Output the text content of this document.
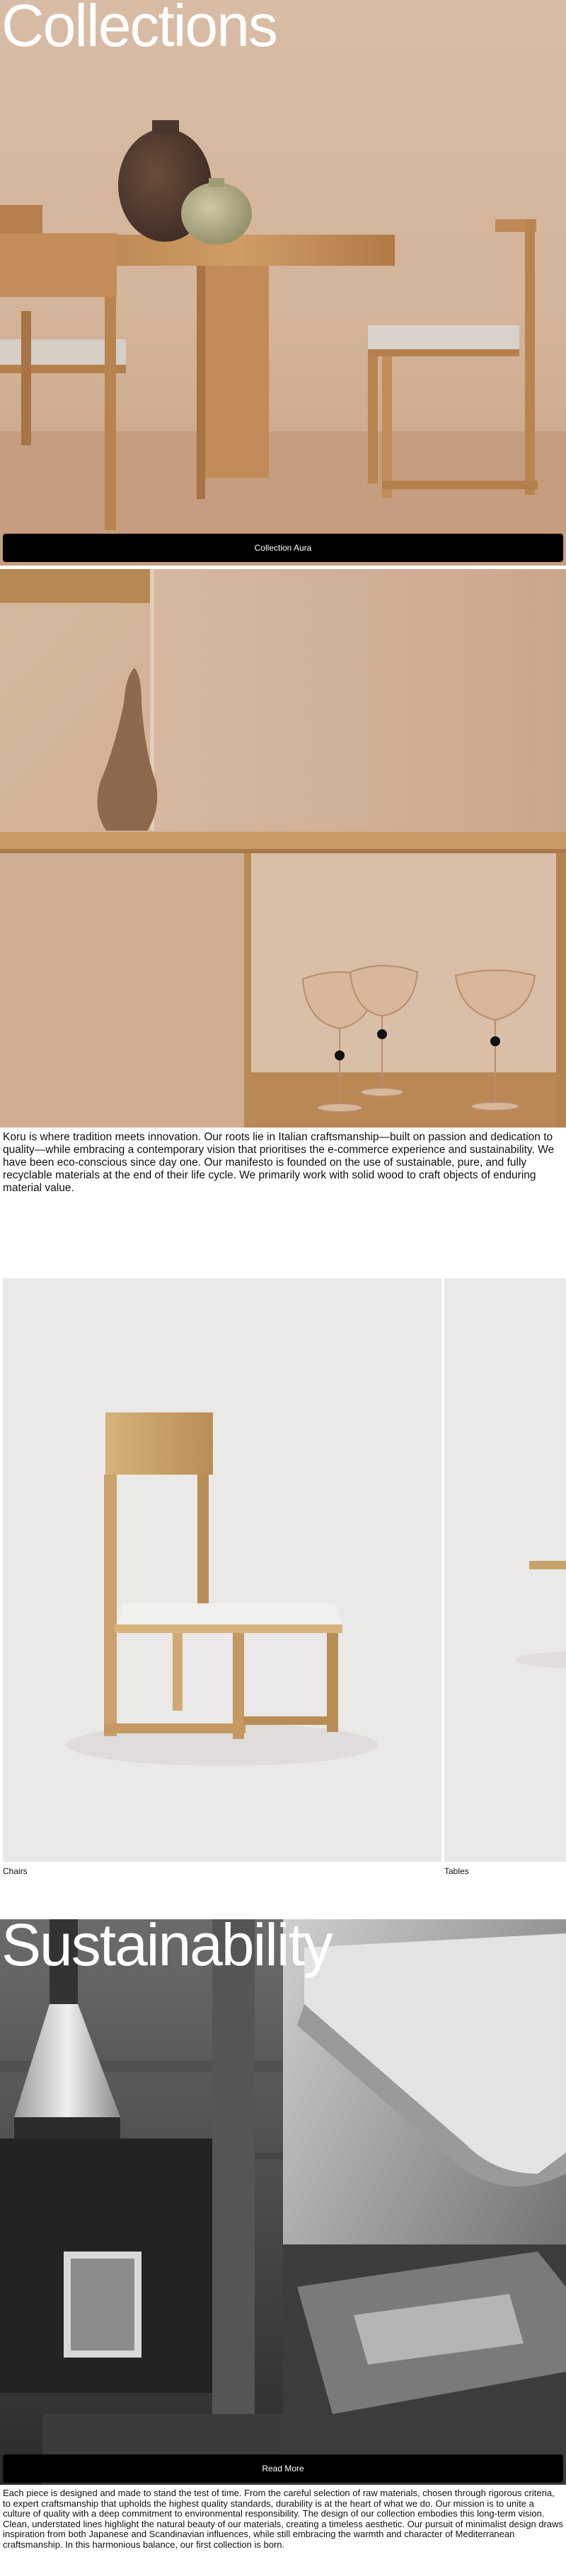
Collections
Collection Aura

Koru is where tradition meets innovation. Our roots lie in Italian craftsmanship—built on passion and dedication to quality—while embracing a contemporary vision that prioritises the e-commerce experience and sustainability. We have been eco-conscious since day one. Our manifesto is founded on the use of sustainable, pure, and fully recyclable materials at the end of their life cycle. We primarily work with solid wood to craft objects of enduring material value.

Chairs	Tables
Sustainability
Read More

Each piece is designed and made to stand the test of time. From the careful selection of raw materials, chosen through rigorous criteria, to expert craftsmanship that upholds the highest quality standards, durability is at the heart of what we do. Our mission is to unite a culture of quality with a deep commitment to environmental responsibility. The design of our collection embodies this long-term vision. Clean, understated lines highlight the natural beauty of our materials, creating a timeless aesthetic. Our pursuit of minimalist design draws inspiration from both Japanese and Scandinavian influences, while still embracing the warmth and character of Mediterranean craftsmanship. In this harmonious balance, our first collection is born.
